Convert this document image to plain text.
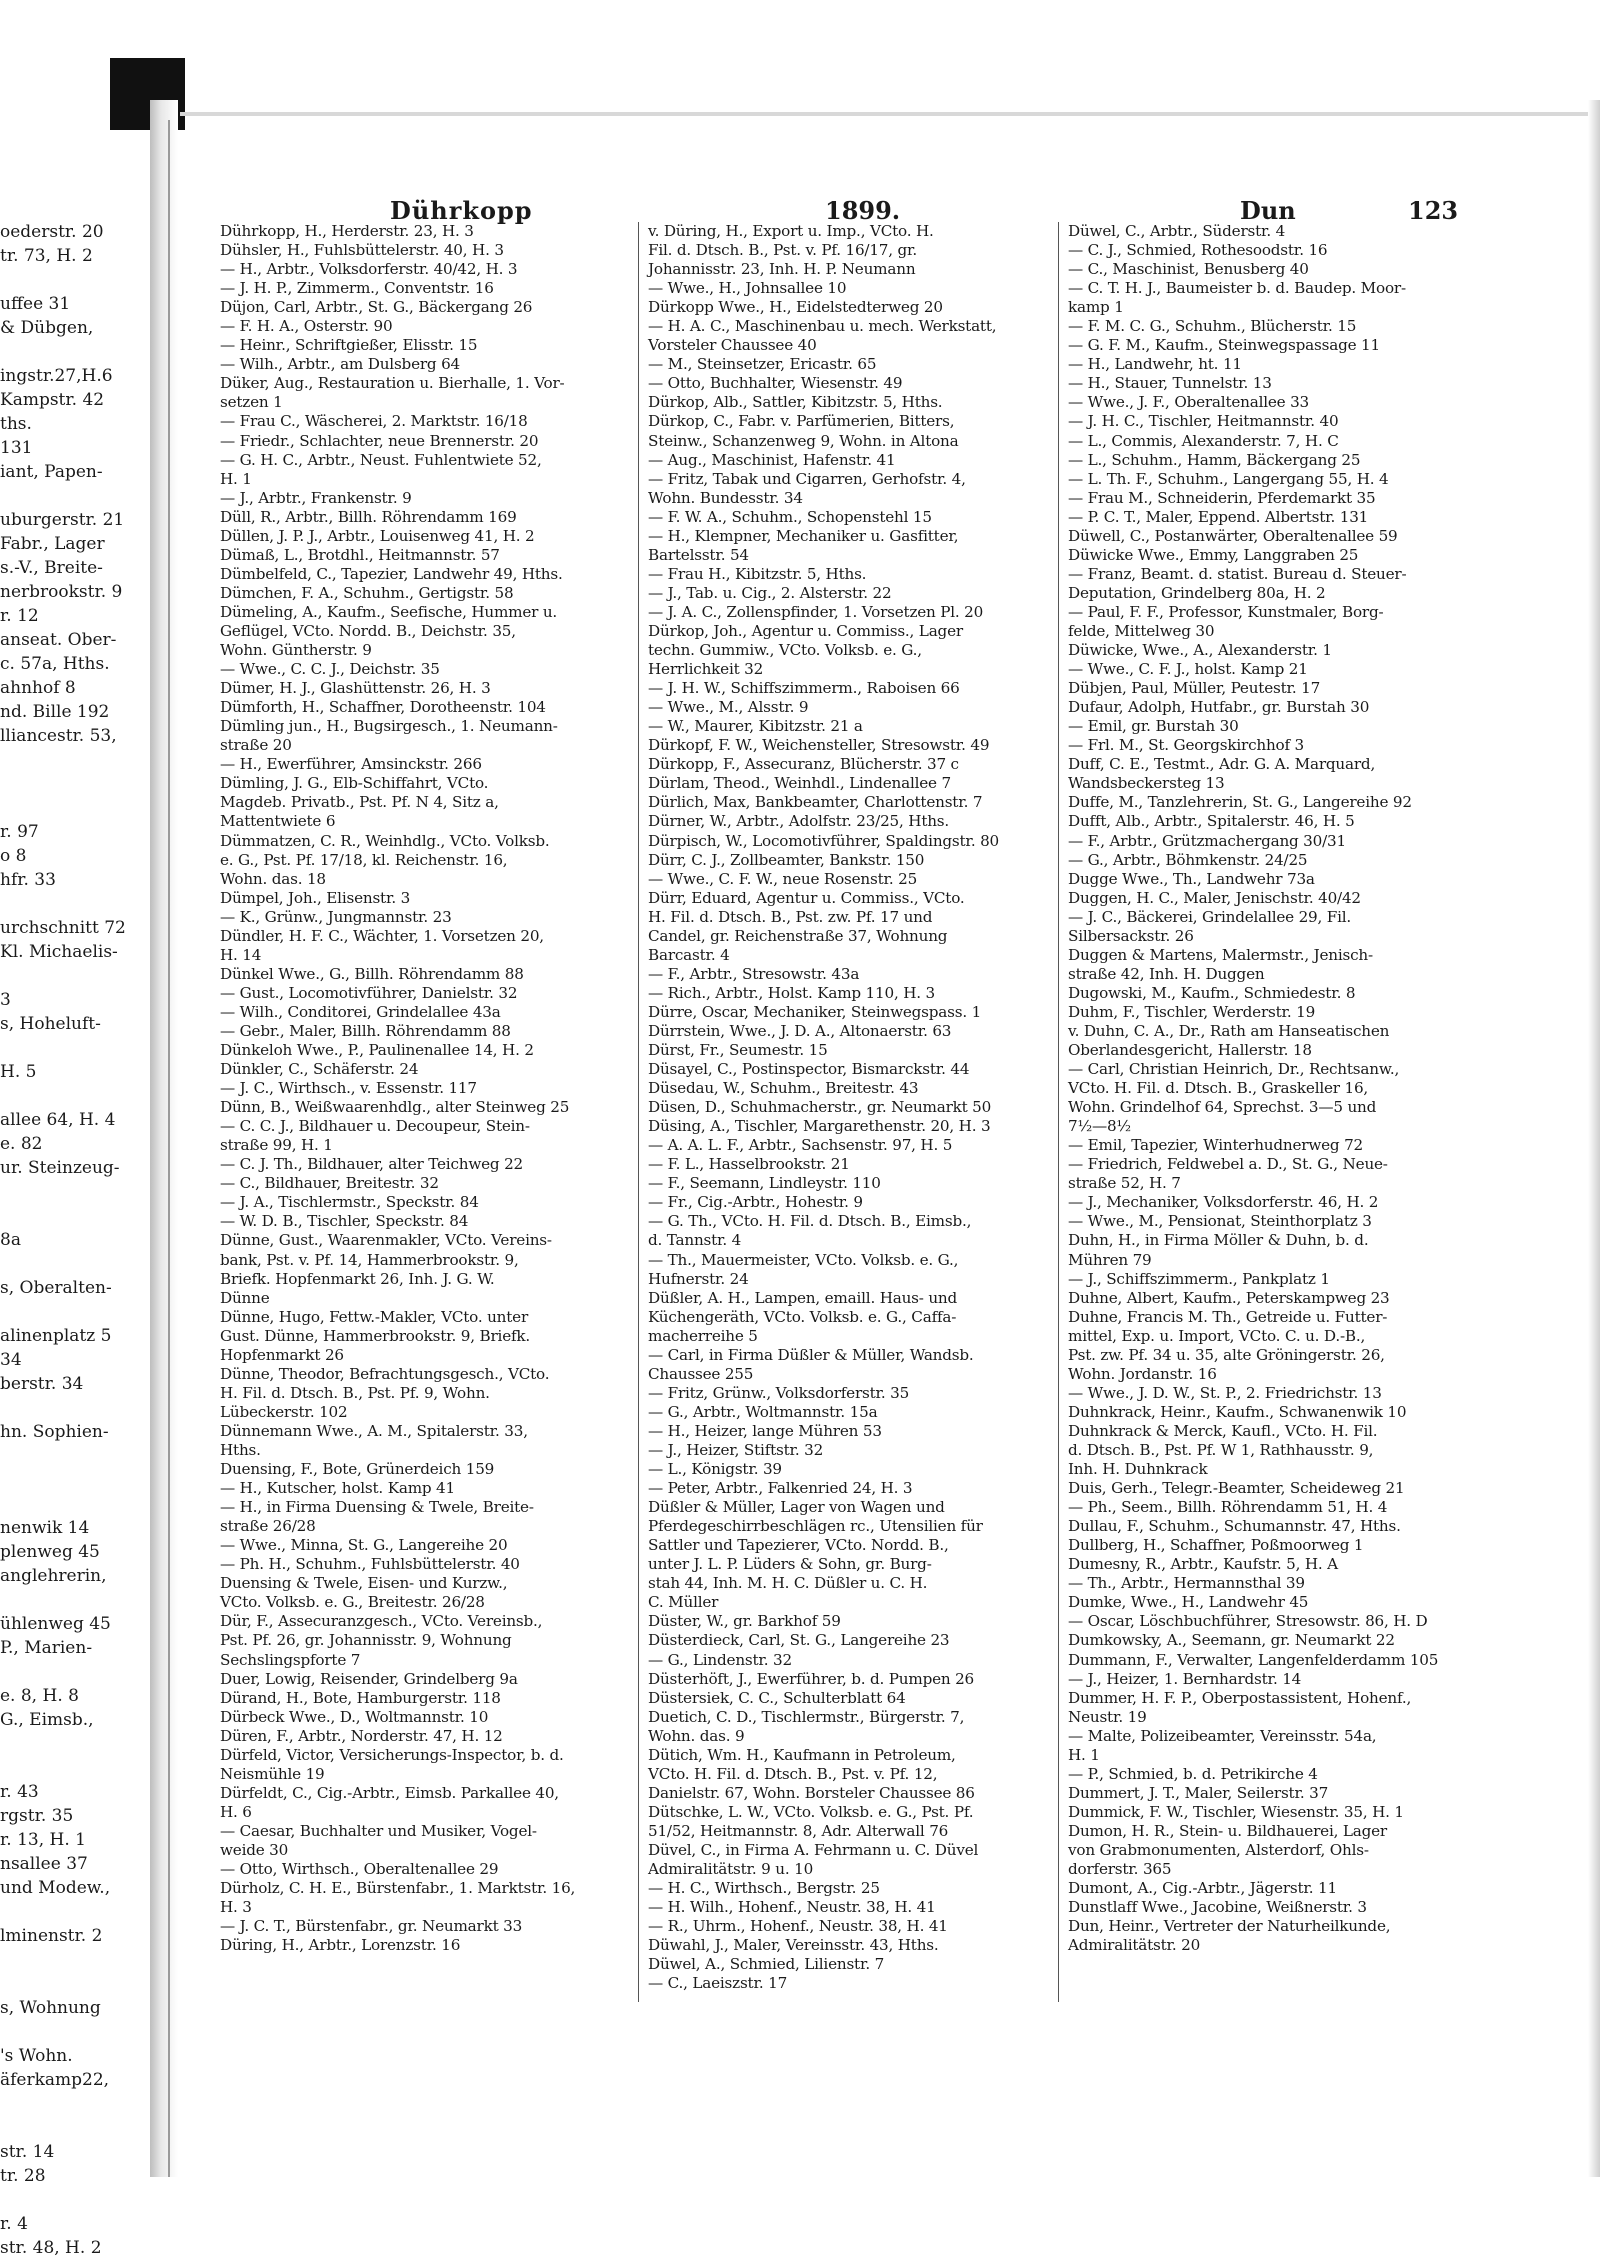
oederstr. 20
tr. 73, H. 2

uffee 31
& Dübgen,

ingstr.27,H.6
Kampstr. 42
ths.
131
iant, Papen-

uburgerstr. 21
Fabr., Lager
s.-V., Breite-
nerbrookstr. 9
r. 12
anseat. Ober-
c. 57a, Hths.
ahnhof 8
nd. Bille 192
lliancestr. 53,

r. 97
o 8
hfr. 33

urchschnitt 72
Kl. Michaelis-

3
s, Hoheluft-

H. 5

allee 64, H. 4
e. 82
ur. Steinzeug-

8a

s, Oberalten-

alinenplatz 5
34
berstr. 34

hn. Sophien-

nenwik 14
plenweg 45
anglehrerin,

ühlenweg 45
P., Marien-

e. 8, H. 8
G., Eimsb.,

r. 43
rgstr. 35
r. 13, H. 1
nsallee 37
und Modew.,

lminenstr. 2

s, Wohnung

's Wohn.
äferkamp22,

str. 14
tr. 28

r. 4
str. 48, H. 2
Dührkopp	1899.	Dun	123
Dührkopp, H., Herderstr. 23, H. 3
Dühsler, H., Fuhlsbüttelerstr. 40, H. 3
— H., Arbtr., Volksdorferstr. 40/42, H. 3
— J. H. P., Zimmerm., Conventstr. 16
Düjon, Carl, Arbtr., St. G., Bäckergang 26
— F. H. A., Osterstr. 90
— Heinr., Schriftgießer, Elisstr. 15
— Wilh., Arbtr., am Dulsberg 64
Düker, Aug., Restauration u. Bierhalle, 1. Vor-
setzen 1
— Frau C., Wäscherei, 2. Marktstr. 16/18
— Friedr., Schlachter, neue Brennerstr. 20
— G. H. C., Arbtr., Neust. Fuhlentwiete 52,
H. 1
— J., Arbtr., Frankenstr. 9
Düll, R., Arbtr., Billh. Röhrendamm 169
Düllen, J. P. J., Arbtr., Louisenweg 41, H. 2
Dümaß, L., Brotdhl., Heitmannstr. 57
Dümbelfeld, C., Tapezier, Landwehr 49, Hths.
Dümchen, F. A., Schuhm., Gertigstr. 58
Dümeling, A., Kaufm., Seefische, Hummer u.
Geflügel, VCto. Nordd. B., Deichstr. 35,
Wohn. Güntherstr. 9
— Wwe., C. C. J., Deichstr. 35
Dümer, H. J., Glashüttenstr. 26, H. 3
Dümforth, H., Schaffner, Dorotheenstr. 104
Dümling jun., H., Bugsirgesch., 1. Neumann-
straße 20
— H., Ewerführer, Amsinckstr. 266
Dümling, J. G., Elb-Schiffahrt, VCto.
Magdeb. Privatb., Pst. Pf. N 4, Sitz a,
Mattentwiete 6
Dümmatzen, C. R., Weinhdlg., VCto. Volksb.
e. G., Pst. Pf. 17/18, kl. Reichenstr. 16,
Wohn. das. 18
Dümpel, Joh., Elisenstr. 3
— K., Grünw., Jungmannstr. 23
Dündler, H. F. C., Wächter, 1. Vorsetzen 20,
H. 14
Dünkel Wwe., G., Billh. Röhrendamm 88
— Gust., Locomotivführer, Danielstr. 32
— Wilh., Conditorei, Grindelallee 43a
— Gebr., Maler, Billh. Röhrendamm 88
Dünkeloh Wwe., P., Paulinenallee 14, H. 2
Dünkler, C., Schäferstr. 24
— J. C., Wirthsch., v. Essenstr. 117
Dünn, B., Weißwaarenhdlg., alter Steinweg 25
— C. C. J., Bildhauer u. Decoupeur, Stein-
straße 99, H. 1
— C. J. Th., Bildhauer, alter Teichweg 22
— C., Bildhauer, Breitestr. 32
— J. A., Tischlermstr., Speckstr. 84
— W. D. B., Tischler, Speckstr. 84
Dünne, Gust., Waarenmakler, VCto. Vereins-
bank, Pst. v. Pf. 14, Hammerbrookstr. 9,
Briefk. Hopfenmarkt 26, Inh. J. G. W.
Dünne
Dünne, Hugo, Fettw.-Makler, VCto. unter
Gust. Dünne, Hammerbrookstr. 9, Briefk.
Hopfenmarkt 26
Dünne, Theodor, Befrachtungsgesch., VCto.
H. Fil. d. Dtsch. B., Pst. Pf. 9, Wohn.
Lübeckerstr. 102
Dünnemann Wwe., A. M., Spitalerstr. 33,
Hths.
Duensing, F., Bote, Grünerdeich 159
— H., Kutscher, holst. Kamp 41
— H., in Firma Duensing & Twele, Breite-
straße 26/28
— Wwe., Minna, St. G., Langereihe 20
— Ph. H., Schuhm., Fuhlsbüttelerstr. 40
Duensing & Twele, Eisen- und Kurzw.,
VCto. Volksb. e. G., Breitestr. 26/28
Dür, F., Assecuranzgesch., VCto. Vereinsb.,
Pst. Pf. 26, gr. Johannisstr. 9, Wohnung
Sechslingspforte 7
Duer, Lowig, Reisender, Grindelberg 9a
Dürand, H., Bote, Hamburgerstr. 118
Dürbeck Wwe., D., Woltmannstr. 10
Düren, F., Arbtr., Norderstr. 47, H. 12
Dürfeld, Victor, Versicherungs-Inspector, b. d.
Neismühle 19
Dürfeldt, C., Cig.-Arbtr., Eimsb. Parkallee 40,
H. 6
— Caesar, Buchhalter und Musiker, Vogel-
weide 30
— Otto, Wirthsch., Oberaltenallee 29
Dürholz, C. H. E., Bürstenfabr., 1. Marktstr. 16,
H. 3
— J. C. T., Bürstenfabr., gr. Neumarkt 33
Düring, H., Arbtr., Lorenzstr. 16
v. Düring, H., Export u. Imp., VCto. H.
Fil. d. Dtsch. B., Pst. v. Pf. 16/17, gr.
Johannisstr. 23, Inh. H. P. Neumann
— Wwe., H., Johnsallee 10
Dürkopp Wwe., H., Eidelstedterweg 20
— H. A. C., Maschinenbau u. mech. Werkstatt,
Vorsteler Chaussee 40
— M., Steinsetzer, Ericastr. 65
— Otto, Buchhalter, Wiesenstr. 49
Dürkop, Alb., Sattler, Kibitzstr. 5, Hths.
Dürkop, C., Fabr. v. Parfümerien, Bitters,
Steinw., Schanzenweg 9, Wohn. in Altona
— Aug., Maschinist, Hafenstr. 41
— Fritz, Tabak und Cigarren, Gerhofstr. 4,
Wohn. Bundesstr. 34
— F. W. A., Schuhm., Schopenstehl 15
— H., Klempner, Mechaniker u. Gasfitter,
Bartelsstr. 54
— Frau H., Kibitzstr. 5, Hths.
— J., Tab. u. Cig., 2. Alsterstr. 22
— J. A. C., Zollenspfinder, 1. Vorsetzen Pl. 20
Dürkop, Joh., Agentur u. Commiss., Lager
techn. Gummiw., VCto. Volksb. e. G.,
Herrlichkeit 32
— J. H. W., Schiffszimmerm., Raboisen 66
— Wwe., M., Alsstr. 9
— W., Maurer, Kibitzstr. 21 a
Dürkopf, F. W., Weichensteller, Stresowstr. 49
Dürkopp, F., Assecuranz, Blücherstr. 37 c
Dürlam, Theod., Weinhdl., Lindenallee 7
Dürlich, Max, Bankbeamter, Charlottenstr. 7
Dürner, W., Arbtr., Adolfstr. 23/25, Hths.
Dürpisch, W., Locomotivführer, Spaldingstr. 80
Dürr, C. J., Zollbeamter, Bankstr. 150
— Wwe., C. F. W., neue Rosenstr. 25
Dürr, Eduard, Agentur u. Commiss., VCto.
H. Fil. d. Dtsch. B., Pst. zw. Pf. 17 und
Candel, gr. Reichenstraße 37, Wohnung
Barcastr. 4
— F., Arbtr., Stresowstr. 43a
— Rich., Arbtr., Holst. Kamp 110, H. 3
Dürre, Oscar, Mechaniker, Steinwegspass. 1
Dürrstein, Wwe., J. D. A., Altonaerstr. 63
Dürst, Fr., Seumestr. 15
Düsayel, C., Postinspector, Bismarckstr. 44
Düsedau, W., Schuhm., Breitestr. 43
Düsen, D., Schuhmacherstr., gr. Neumarkt 50
Düsing, A., Tischler, Margarethenstr. 20, H. 3
— A. A. L. F., Arbtr., Sachsenstr. 97, H. 5
— F. L., Hasselbrookstr. 21
— F., Seemann, Lindleystr. 110
— Fr., Cig.-Arbtr., Hohestr. 9
— G. Th., VCto. H. Fil. d. Dtsch. B., Eimsb.,
d. Tannstr. 4
— Th., Mauermeister, VCto. Volksb. e. G.,
Hufnerstr. 24
Düßler, A. H., Lampen, emaill. Haus- und
Küchengeräth, VCto. Volksb. e. G., Caffa-
macherreihe 5
— Carl, in Firma Düßler & Müller, Wandsb.
Chaussee 255
— Fritz, Grünw., Volksdorferstr. 35
— G., Arbtr., Woltmannstr. 15a
— H., Heizer, lange Mühren 53
— J., Heizer, Stiftstr. 32
— L., Königstr. 39
— Peter, Arbtr., Falkenried 24, H. 3
Düßler & Müller, Lager von Wagen und
Pferdegeschirrbeschlägen rc., Utensilien für
Sattler und Tapezierer, VCto. Nordd. B.,
unter J. L. P. Lüders & Sohn, gr. Burg-
stah 44, Inh. M. H. C. Düßler u. C. H.
C. Müller
Düster, W., gr. Barkhof 59
Düsterdieck, Carl, St. G., Langereihe 23
— G., Lindenstr. 32
Düsterhöft, J., Ewerführer, b. d. Pumpen 26
Düstersiek, C. C., Schulterblatt 64
Duetich, C. D., Tischlermstr., Bürgerstr. 7,
Wohn. das. 9
Dütich, Wm. H., Kaufmann in Petroleum,
VCto. H. Fil. d. Dtsch. B., Pst. v. Pf. 12,
Danielstr. 67, Wohn. Borsteler Chaussee 86
Dütschke, L. W., VCto. Volksb. e. G., Pst. Pf.
51/52, Heitmannstr. 8, Adr. Alterwall 76
Düvel, C., in Firma A. Fehrmann u. C. Düvel
Admiralitätstr. 9 u. 10
— H. C., Wirthsch., Bergstr. 25
— H. Wilh., Hohenf., Neustr. 38, H. 41
— R., Uhrm., Hohenf., Neustr. 38, H. 41
Düwahl, J., Maler, Vereinsstr. 43, Hths.
Düwel, A., Schmied, Lilienstr. 7
— C., Laeiszstr. 17
Düwel, C., Arbtr., Süderstr. 4
— C. J., Schmied, Rothesoodstr. 16
— C., Maschinist, Benusberg 40
— C. T. H. J., Baumeister b. d. Baudep. Moor-
kamp 1
— F. M. C. G., Schuhm., Blücherstr. 15
— G. F. M., Kaufm., Steinwegspassage 11
— H., Landwehr, ht. 11
— H., Stauer, Tunnelstr. 13
— Wwe., J. F., Oberaltenallee 33
— J. H. C., Tischler, Heitmannstr. 40
— L., Commis, Alexanderstr. 7, H. C
— L., Schuhm., Hamm, Bäckergang 25
— L. Th. F., Schuhm., Langergang 55, H. 4
— Frau M., Schneiderin, Pferdemarkt 35
— P. C. T., Maler, Eppend. Albertstr. 131
Düwell, C., Postanwärter, Oberaltenallee 59
Düwicke Wwe., Emmy, Langgraben 25
— Franz, Beamt. d. statist. Bureau d. Steuer-
Deputation, Grindelberg 80a, H. 2
— Paul, F. F., Professor, Kunstmaler, Borg-
felde, Mittelweg 30
Düwicke, Wwe., A., Alexanderstr. 1
— Wwe., C. F. J., holst. Kamp 21
Dübjen, Paul, Müller, Peutestr. 17
Dufaur, Adolph, Hutfabr., gr. Burstah 30
— Emil, gr. Burstah 30
— Frl. M., St. Georgskirchhof 3
Duff, C. E., Testmt., Adr. G. A. Marquard,
Wandsbeckersteg 13
Duffe, M., Tanzlehrerin, St. G., Langereihe 92
Dufft, Alb., Arbtr., Spitalerstr. 46, H. 5
— F., Arbtr., Grützmachergang 30/31
— G., Arbtr., Böhmkenstr. 24/25
Dugge Wwe., Th., Landwehr 73a
Duggen, H. C., Maler, Jenischstr. 40/42
— J. C., Bäckerei, Grindelallee 29, Fil.
Silbersackstr. 26
Duggen & Martens, Malermstr., Jenisch-
straße 42, Inh. H. Duggen
Dugowski, M., Kaufm., Schmiedestr. 8
Duhm, F., Tischler, Werderstr. 19
v. Duhn, C. A., Dr., Rath am Hanseatischen
Oberlandesgericht, Hallerstr. 18
— Carl, Christian Heinrich, Dr., Rechtsanw.,
VCto. H. Fil. d. Dtsch. B., Graskeller 16,
Wohn. Grindelhof 64, Sprechst. 3—5 und
7½—8½
— Emil, Tapezier, Winterhudnerweg 72
— Friedrich, Feldwebel a. D., St. G., Neue-
straße 52, H. 7
— J., Mechaniker, Volksdorferstr. 46, H. 2
— Wwe., M., Pensionat, Steinthorplatz 3
Duhn, H., in Firma Möller & Duhn, b. d.
Mühren 79
— J., Schiffszimmerm., Pankplatz 1
Duhne, Albert, Kaufm., Peterskampweg 23
Duhne, Francis M. Th., Getreide u. Futter-
mittel, Exp. u. Import, VCto. C. u. D.-B.,
Pst. zw. Pf. 34 u. 35, alte Gröningerstr. 26,
Wohn. Jordanstr. 16
— Wwe., J. D. W., St. P., 2. Friedrichstr. 13
Duhnkrack, Heinr., Kaufm., Schwanenwik 10
Duhnkrack & Merck, Kaufl., VCto. H. Fil.
d. Dtsch. B., Pst. Pf. W 1, Rathhausstr. 9,
Inh. H. Duhnkrack
Duis, Gerh., Telegr.-Beamter, Scheideweg 21
— Ph., Seem., Billh. Röhrendamm 51, H. 4
Dullau, F., Schuhm., Schumannstr. 47, Hths.
Dullberg, H., Schaffner, Poßmoorweg 1
Dumesny, R., Arbtr., Kaufstr. 5, H. A
— Th., Arbtr., Hermannsthal 39
Dumke, Wwe., H., Landwehr 45
— Oscar, Löschbuchführer, Stresowstr. 86, H. D
Dumkowsky, A., Seemann, gr. Neumarkt 22
Dummann, F., Verwalter, Langenfelderdamm 105
— J., Heizer, 1. Bernhardstr. 14
Dummer, H. F. P., Oberpostassistent, Hohenf.,
Neustr. 19
— Malte, Polizeibeamter, Vereinsstr. 54a,
H. 1
— P., Schmied, b. d. Petrikirche 4
Dummert, J. T., Maler, Seilerstr. 37
Dummick, F. W., Tischler, Wiesenstr. 35, H. 1
Dumon, H. R., Stein- u. Bildhauerei, Lager
von Grabmonumenten, Alsterdorf, Ohls-
dorferstr. 365
Dumont, A., Cig.-Arbtr., Jägerstr. 11
Dunstlaff Wwe., Jacobine, Weißnerstr. 3
Dun, Heinr., Vertreter der Naturheilkunde,
Admiralitätstr. 20
